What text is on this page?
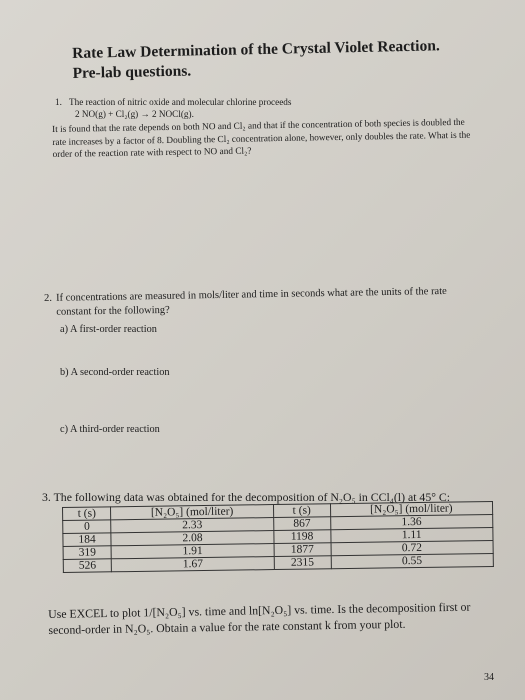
Rate Law Determination of the Crystal Violet Reaction.
Pre-lab questions.
1. The reaction of nitric oxide and molecular chlorine proceeds
2 NO(g) + Cl₂(g) → 2 NOCl(g).
It is found that the rate depends on both NO and Cl₂ and that if the concentration of both species is doubled the rate increases by a factor of 8. Doubling the Cl₂ concentration alone, however, only doubles the rate. What is the order of the reaction rate with respect to NO and Cl₂?
2. If concentrations are measured in mols/liter and time in seconds what are the units of the rate constant for the following?
a) A first-order reaction
b) A second-order reaction
c) A third-order reaction
3. The following data was obtained for the decomposition of N₂O₅ in CCl₄(l) at 45° C:
t (s)	[N₂O₅] (mol/liter)	t (s)	[N₂O₅] (mol/liter)
0	2.33	867	1.36
184	2.08	1198	1.11
319	1.91	1877	0.72
526	1.67	2315	0.55
Use EXCEL to plot 1/[N₂O₅] vs. time and ln[N₂O₅] vs. time. Is the decomposition first or second-order in N₂O₅. Obtain a value for the rate constant k from your plot.
34
